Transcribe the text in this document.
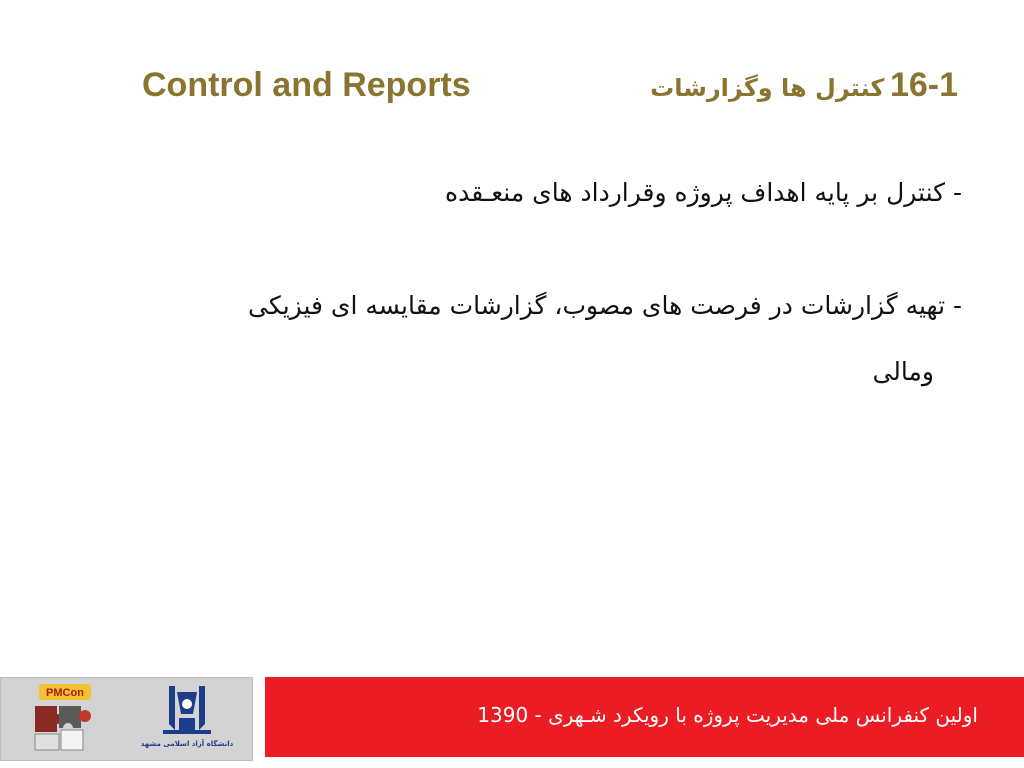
Control and Reports	16-1 کنترل ها وگزارشات

- کنترل بر پایه اهداف پروژه وقرارداد های منعـقده

- تهیه گزارشات در فرصت های مصوب، گزارشات مقایسه ای فیزیکی

ومالی

PMCon
دانشگاه آزاد اسلامی مشهد
اولین کنفرانس ملی مدیریت پروژه با رویکرد شـهری - 1390
